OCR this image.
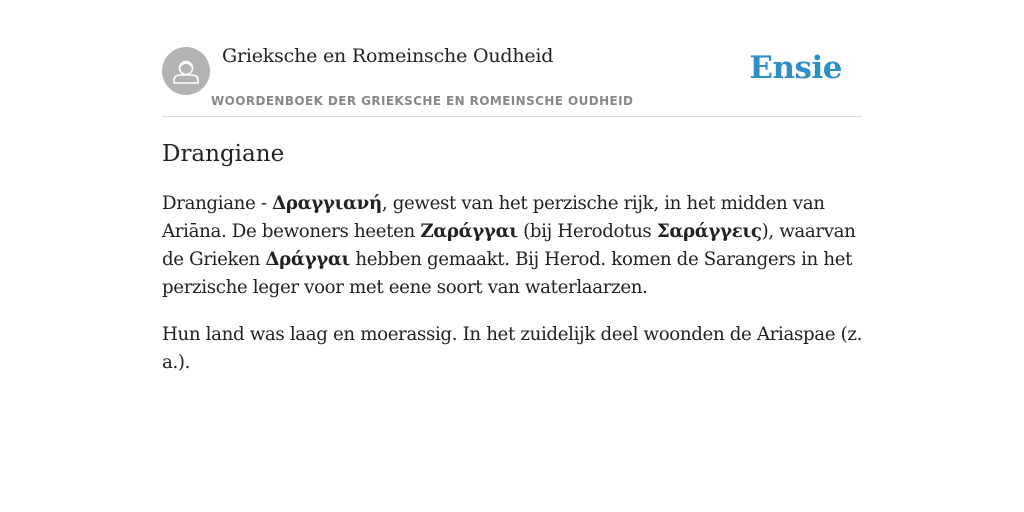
Grieksche en Romeinsche Oudheid
WOORDENBOEK DER GRIEKSCHE EN ROMEINSCHE OUDHEID
Ensie
Drangiane

Drangiane - Δραγγιανή, gewest van het perzische rijk, in het midden van Ariāna. De bewoners heeten Ζαράγγαι (bij Herodotus Σαράγγεις), waarvan de Grieken Δράγγαι hebben gemaakt. Bij Herod. komen de Sarangers in het perzische leger voor met eene soort van waterlaarzen.

Hun land was laag en moerassig. In het zuidelijk deel woonden de Ariaspae (z. a.).
